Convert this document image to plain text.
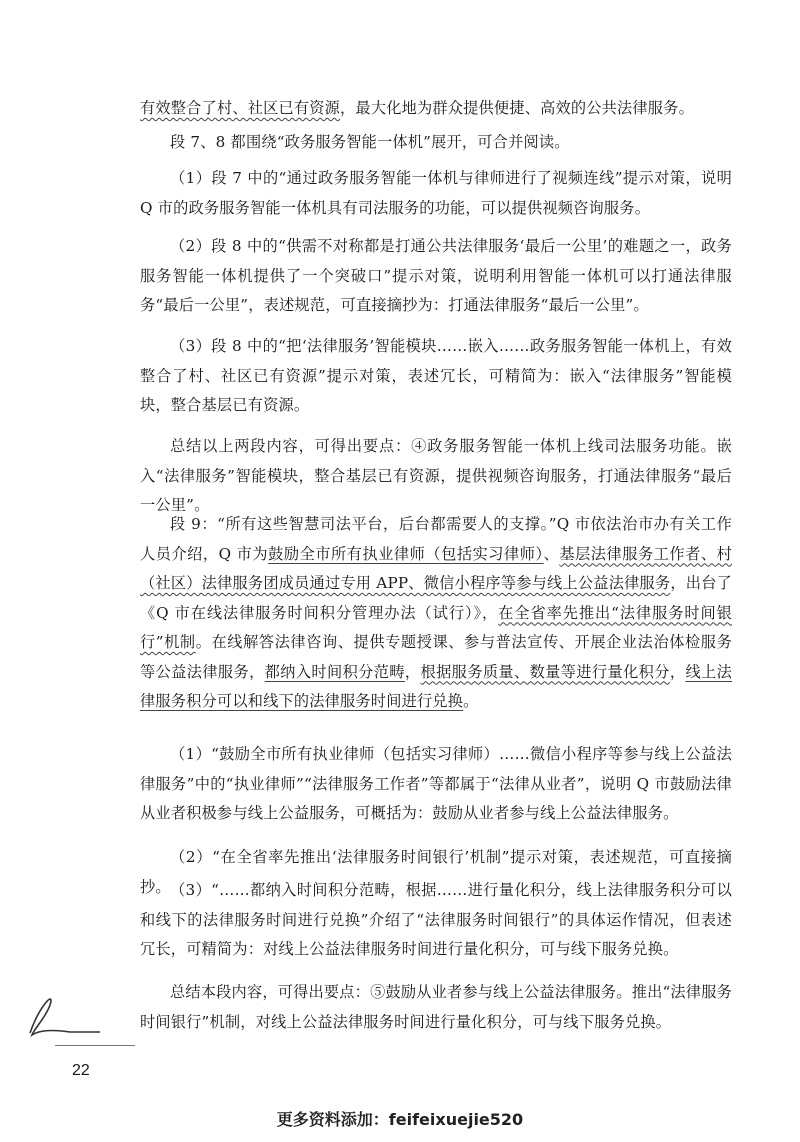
有效整合了村、社区已有资源，最大化地为群众提供便捷、高效的公共法律服务。

段 7、8 都围绕“政务服务智能一体机”展开，可合并阅读。

（1）段 7 中的“通过政务服务智能一体机与律师进行了视频连线”提示对策，说明 Q 市的政务服务智能一体机具有司法服务的功能，可以提供视频咨询服务。

（2）段 8 中的“供需不对称都是打通公共法律服务‘最后一公里’的难题之一，政务服务智能一体机提供了一个突破口”提示对策，说明利用智能一体机可以打通法律服务“最后一公里”，表述规范，可直接摘抄为：打通法律服务“最后一公里”。

（3）段 8 中的“把‘法律服务’智能模块……嵌入……政务服务智能一体机上，有效整合了村、社区已有资源”提示对策，表述冗长，可精简为：嵌入“法律服务”智能模块，整合基层已有资源。

总结以上两段内容，可得出要点：④政务服务智能一体机上线司法服务功能。嵌入“法律服务”智能模块，整合基层已有资源，提供视频咨询服务，打通法律服务“最后一公里”。

段 9：“所有这些智慧司法平台，后台都需要人的支撑。”Q 市依法治市办有关工作人员介绍，Q 市为鼓励全市所有执业律师（包括实习律师）、基层法律服务工作者、村（社区）法律服务团成员通过专用 APP、微信小程序等参与线上公益法律服务，出台了《Q 市在线法律服务时间积分管理办法（试行）》，在全省率先推出“法律服务时间银行”机制。在线解答法律咨询、提供专题授课、参与普法宣传、开展企业法治体检服务等公益法律服务，都纳入时间积分范畴，根据服务质量、数量等进行量化积分，线上法律服务积分可以和线下的法律服务时间进行兑换。

（1）“鼓励全市所有执业律师（包括实习律师）……微信小程序等参与线上公益法律服务”中的“执业律师”“法律服务工作者”等都属于“法律从业者”，说明 Q 市鼓励法律从业者积极参与线上公益服务，可概括为：鼓励从业者参与线上公益法律服务。

（2）“在全省率先推出‘法律服务时间银行’机制”提示对策，表述规范，可直接摘抄。 （3）“……都纳入时间积分范畴，根据……进行量化积分，线上法律服务积分可以和线下的法律服务时间进行兑换”介绍了“法律服务时间银行”的具体运作情况，但表述冗长，可精简为：对线上公益法律服务时间进行量化积分，可与线下服务兑换。

总结本段内容，可得出要点：⑤鼓励从业者参与线上公益法律服务。推出“法律服务时间银行”机制，对线上公益法律服务时间进行量化积分，可与线下服务兑换。

22
更多资料添加：feifeixuejie520
